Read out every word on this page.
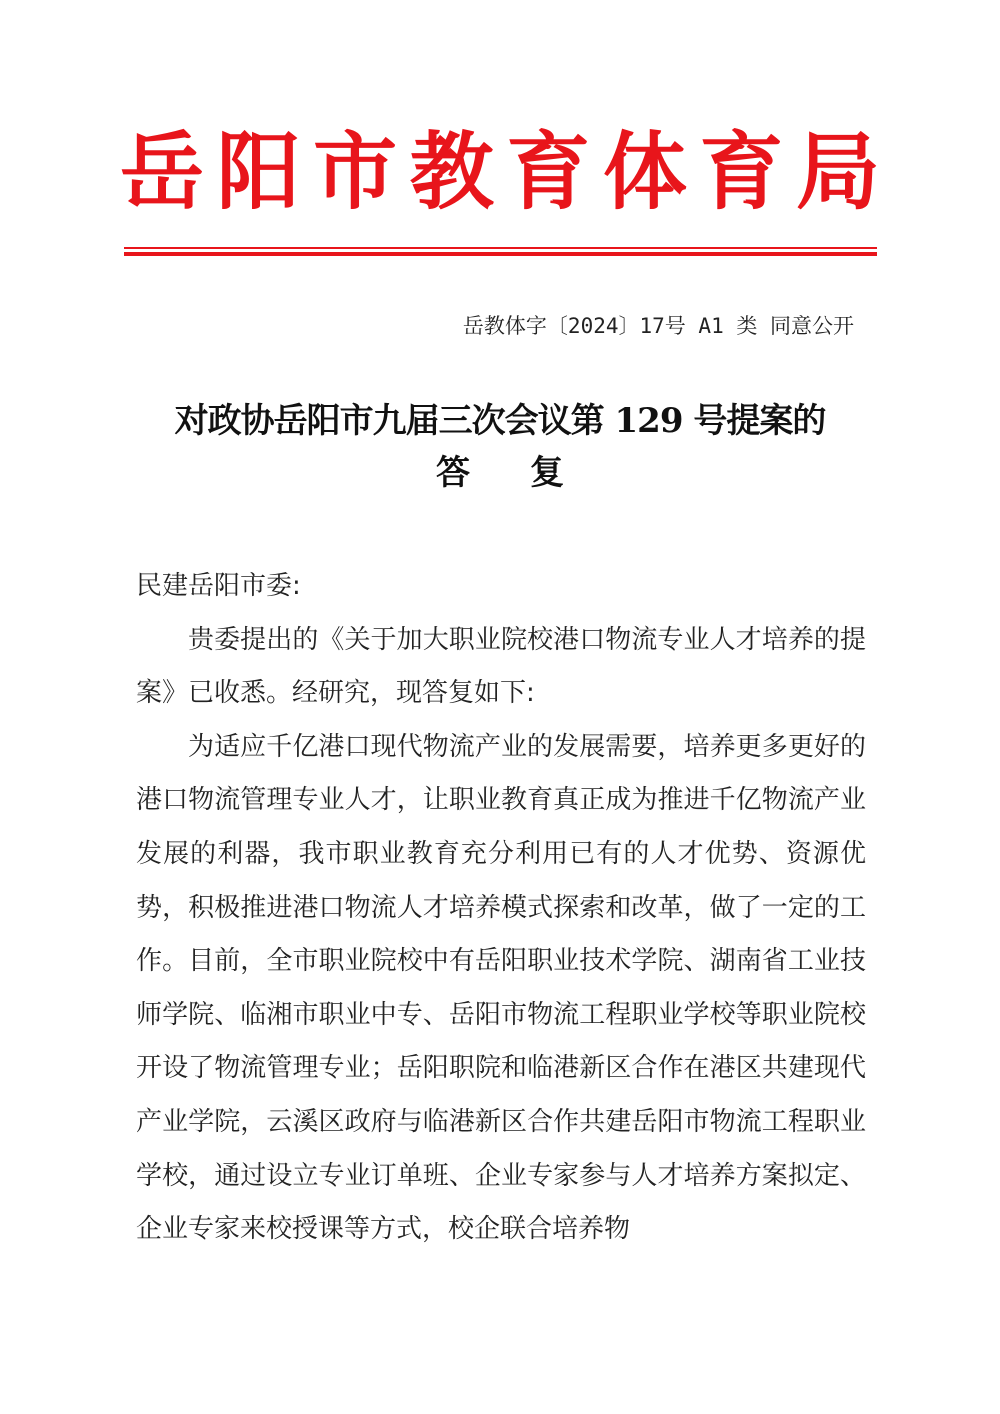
岳 阳 市 教 育 体 育 局
岳教体字〔2024〕17号 A1 类 同意公开
对政协岳阳市九届三次会议第 129 号提案的
答复

民建岳阳市委:

贵委提出的《关于加大职业院校港口物流专业人才培养的提案》已收悉。经研究，现答复如下:

为适应千亿港口现代物流产业的发展需要，培养更多更好的港口物流管理专业人才，让职业教育真正成为推进千亿物流产业发展的利器，我市职业教育充分利用已有的人才优势、资源优势，积极推进港口物流人才培养模式探索和改革，做了一定的工作。目前，全市职业院校中有岳阳职业技术学院、湖南省工业技师学院、临湘市职业中专、岳阳市物流工程职业学校等职业院校开设了物流管理专业；岳阳职院和临港新区合作在港区共建现代产业学院，云溪区政府与临港新区合作共建岳阳市物流工程职业学校，通过设立专业订单班、企业专家参与人才培养方案拟定、企业专家来校授课等方式，校企联合培养物
